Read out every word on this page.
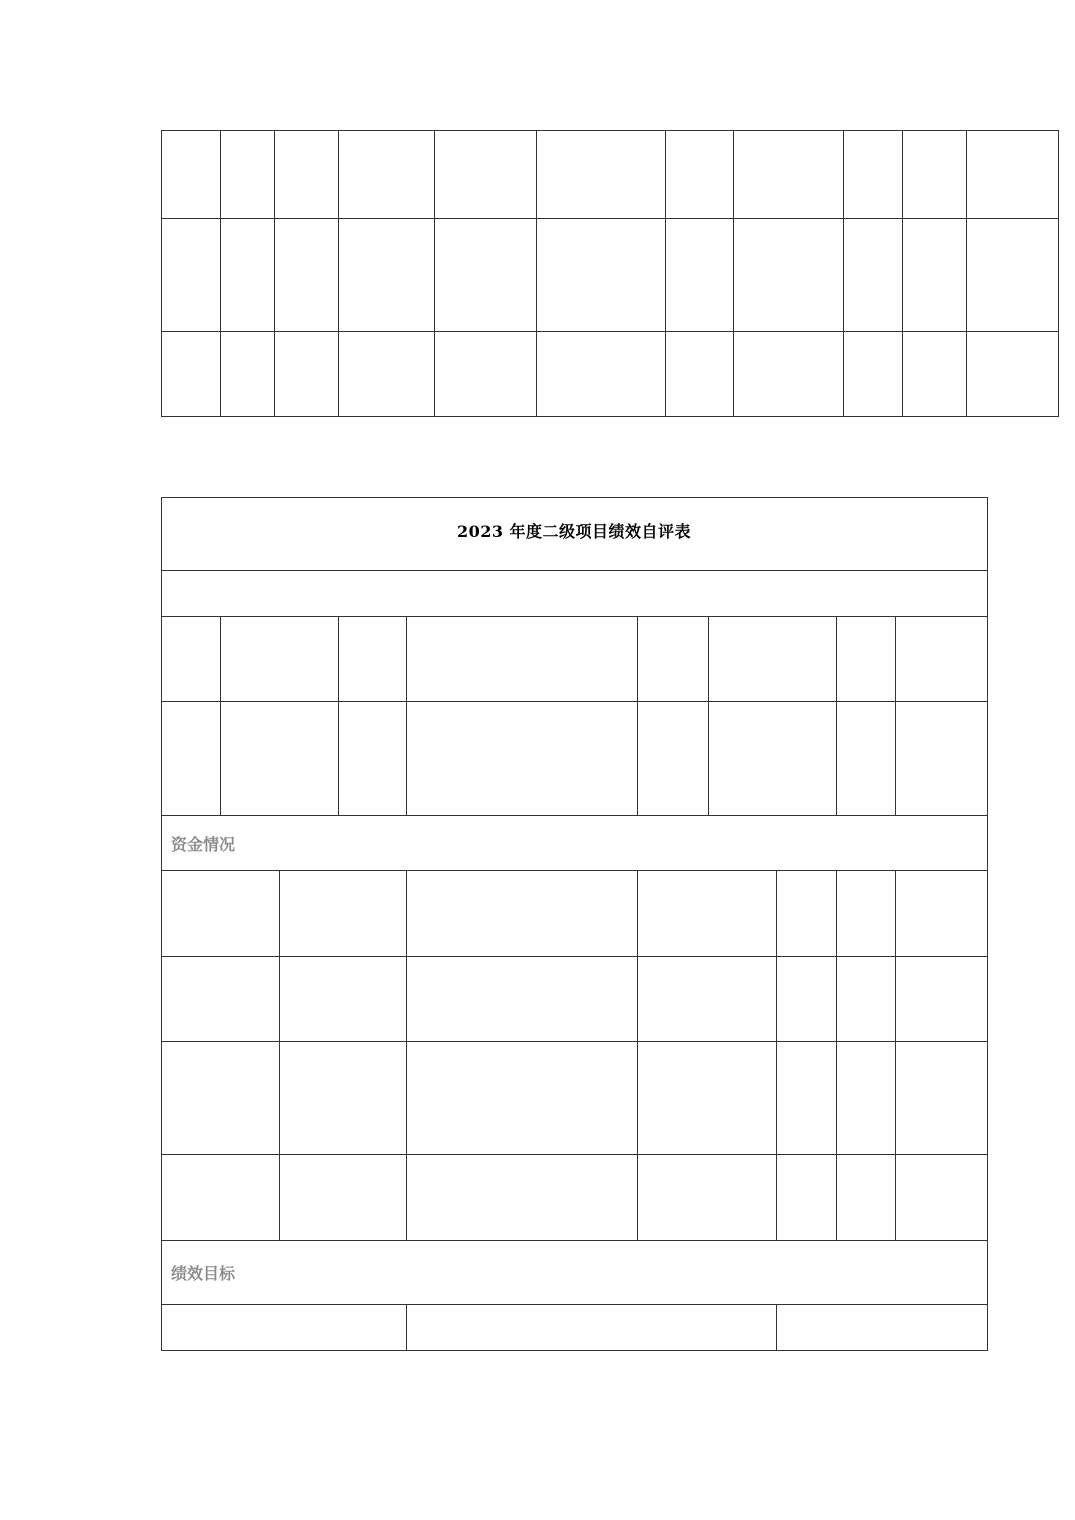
2023 年度二级项目绩效自评表
资金情况
绩效目标
